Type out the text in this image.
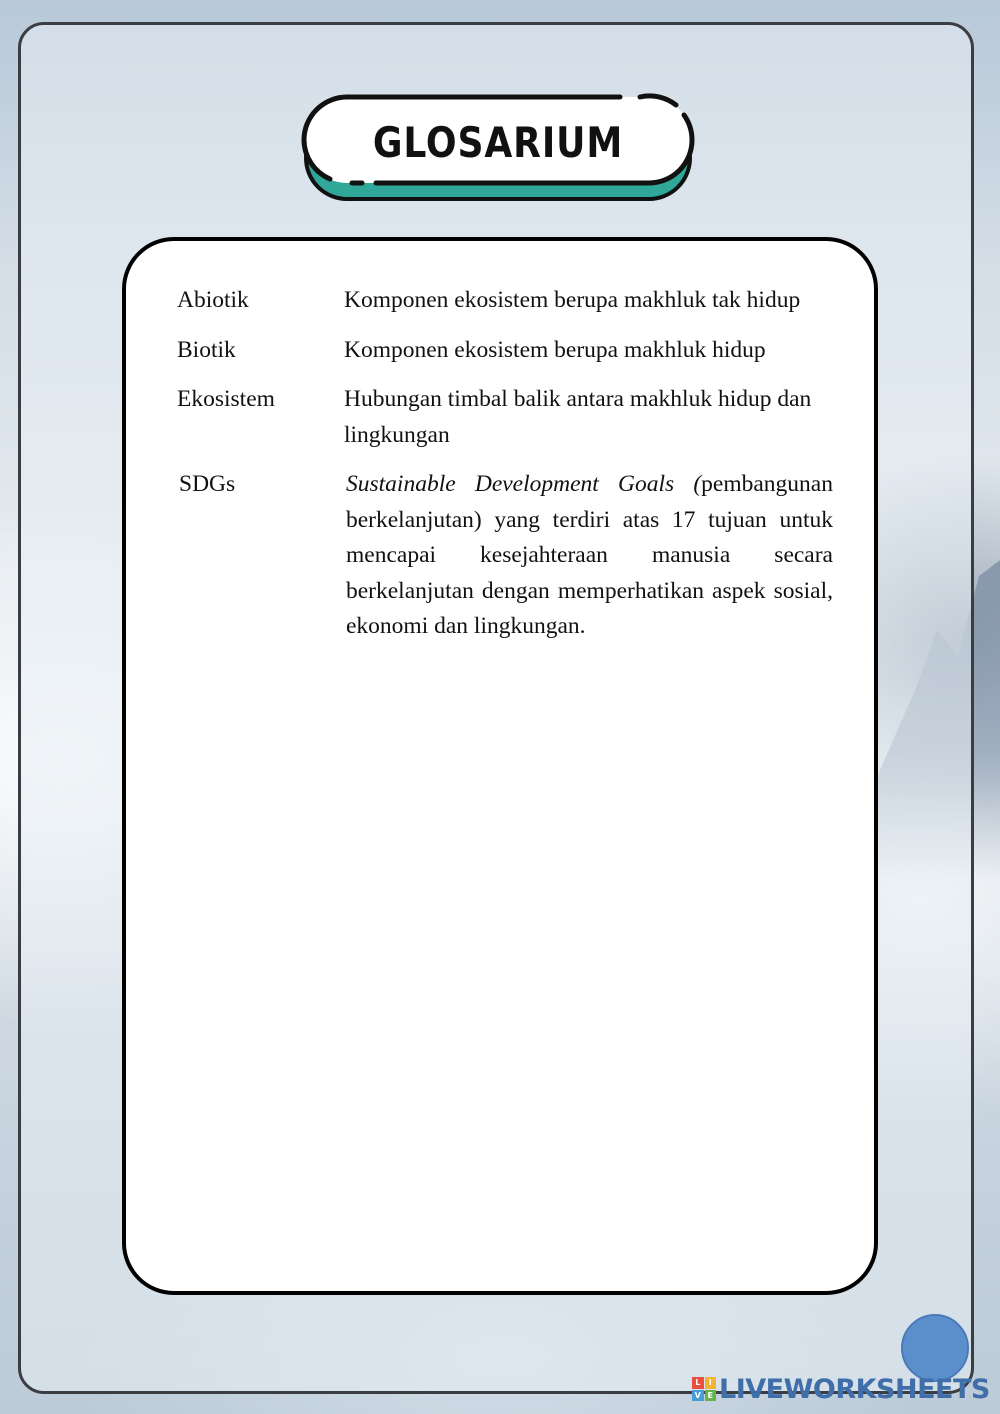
GLOSARIUM
Abiotik	Komponen ekosistem berupa makhluk tak hidup
Biotik	Komponen ekosistem berupa makhluk hidup
Ekosistem	Hubungan timbal balik antara makhluk hidup dan lingkungan
SDGs	Sustainable Development Goals (pembangunan berkelanjutan) yang terdiri atas 17 tujuan untuk mencapai kesejahteraan manusia secara berkelanjutan dengan memperhatikan aspek sosial, ekonomi dan lingkungan.
L	I
V E LIVEWORKSHEETS
